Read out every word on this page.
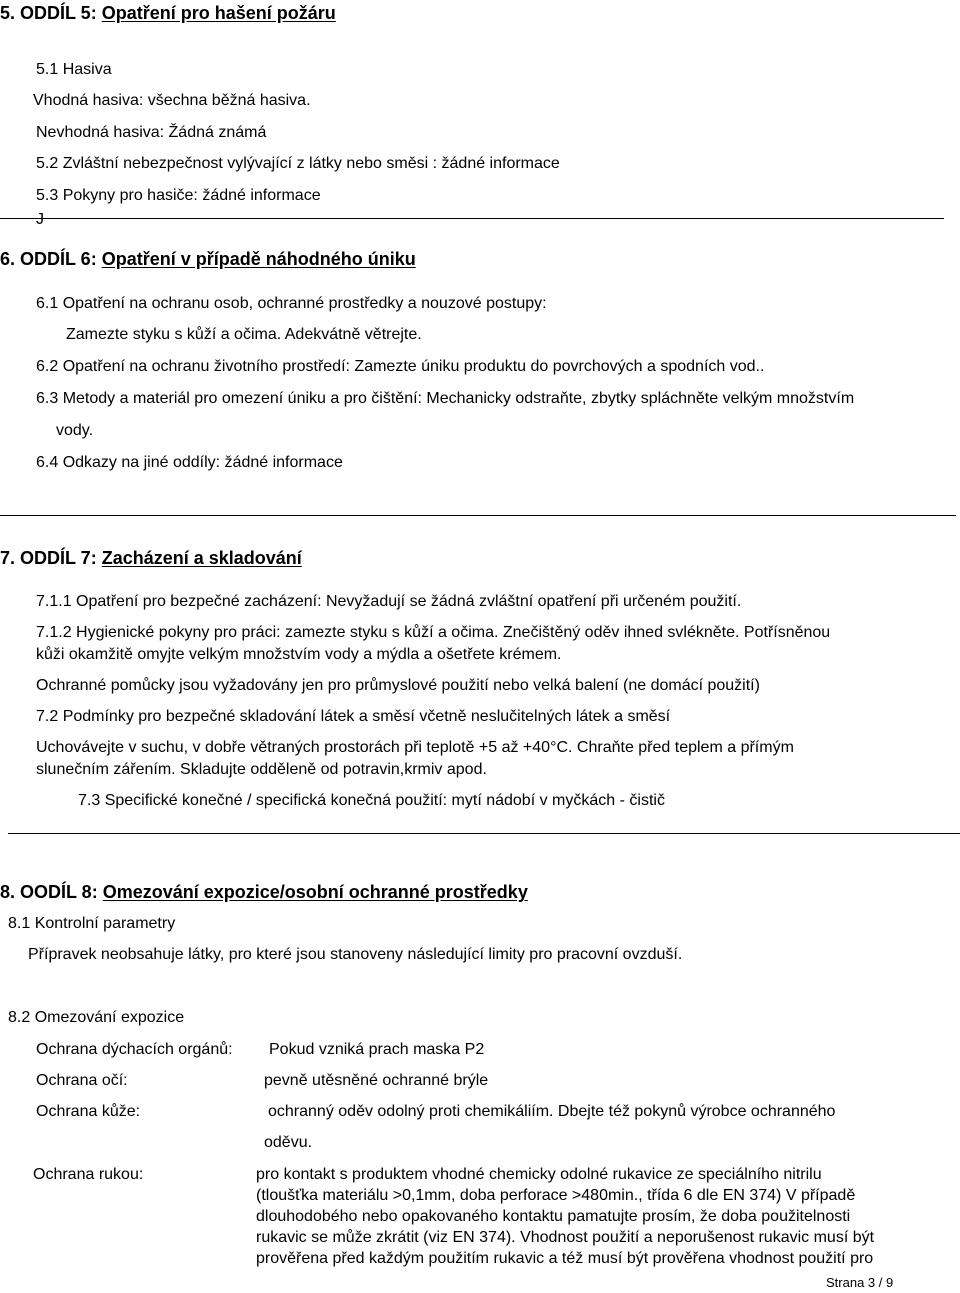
5. ODDÍL 5: Opatření pro hašení požáru
5.1 Hasiva
Vhodná hasiva: všechna běžná hasiva.
Nevhodná hasiva: Žádná známá
5.2 Zvláštní nebezpečnost vylývající z látky nebo směsi : žádné informace
5.3 Pokyny pro hasiče: žádné informace
J
6. ODDÍL 6: Opatření v případě náhodného úniku
6.1 Opatření na ochranu osob, ochranné prostředky a nouzové postupy:
Zamezte styku s kůží a očima. Adekvátně větrejte.
6.2 Opatření na ochranu životního prostředí: Zamezte úniku produktu do povrchových a spodních vod..
6.3 Metody a materiál pro omezení úniku a pro čištění: Mechanicky odstraňte, zbytky spláchněte velkým množstvím
vody.
6.4 Odkazy na jiné oddíly: žádné informace
7. ODDÍL 7: Zacházení a skladování
7.1.1 Opatření pro bezpečné zacházení: Nevyžadují se žádná zvláštní opatření při určeném použití.
7.1.2 Hygienické pokyny pro práci: zamezte styku s kůží a očima. Znečištěný oděv ihned svlékněte. Potřísněnou
kůži okamžitě omyjte velkým množstvím vody a mýdla a ošetřete krémem.
Ochranné pomůcky jsou vyžadovány jen pro průmyslové použití nebo velká balení (ne domácí použití)
7.2 Podmínky pro bezpečné skladování látek a směsí včetně neslučitelných látek a směsí
Uchovávejte v suchu, v dobře větraných prostorách při teplotě +5 až +40°C. Chraňte před teplem a přímým
slunečním zářením. Skladujte odděleně od potravin,krmiv apod.
7.3 Specifické konečné / specifická konečná použití: mytí nádobí v myčkách - čistič
8. OODÍL 8: Omezování expozice/osobní ochranné prostředky
8.1 Kontrolní parametry
Přípravek neobsahuje látky, pro které jsou stanoveny následující limity pro pracovní ovzduší.
8.2 Omezování expozice
Ochrana dýchacích orgánů: Pokud vzniká prach maska P2
Ochrana očí:	pevně utěsněné ochranné brýle
Ochrana kůže:	ochranný oděv odolný proti chemikáliím. Dbejte též pokynů výrobce ochranného
oděvu.
Ochrana rukou:	pro kontakt s produktem vhodné chemicky odolné rukavice ze speciálního nitrilu
(tloušťka materiálu >0,1mm, doba perforace >480min., třída 6 dle EN 374) V případě
dlouhodobého nebo opakovaného kontaktu pamatujte prosím, že doba použitelnosti
rukavic se může zkrátit (viz EN 374). Vhodnost použití a neporušenost rukavic musí být
prověřena před každým použitím rukavic a též musí být prověřena vhodnost použití pro
Strana 3 / 9
